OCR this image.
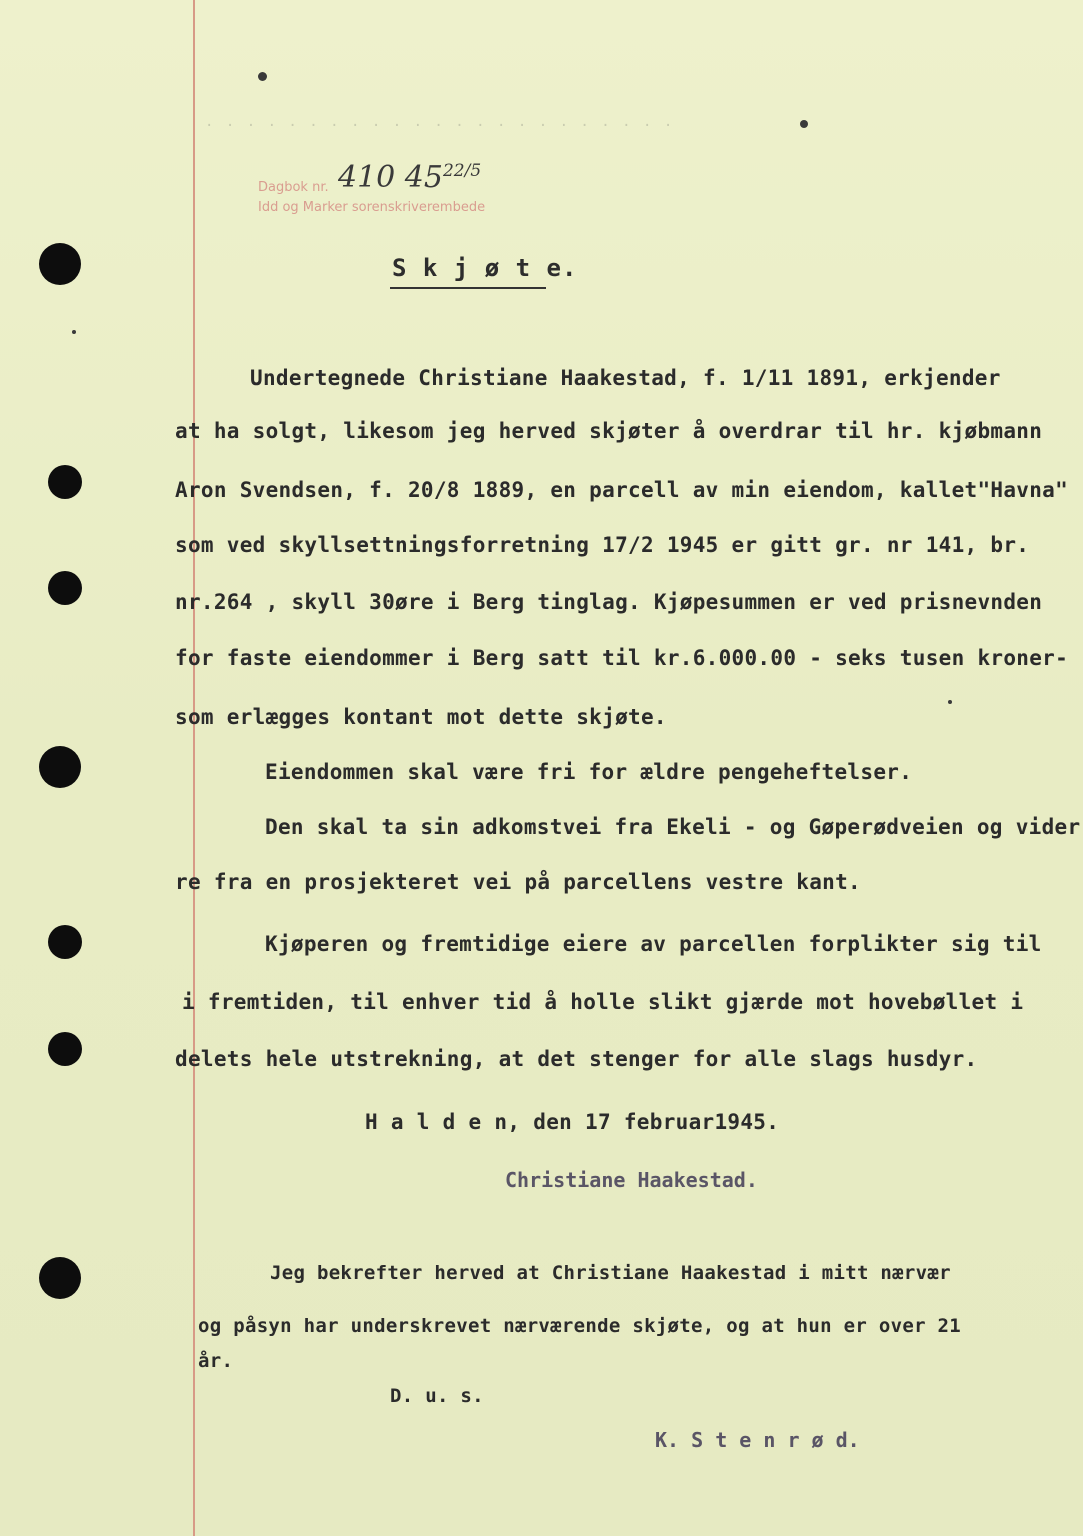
· · · · · · · · · · · · · · · · · · · · · · ·
Dagbok nr.
Idd og Marker sorenskriverembede
410 $45^{22/5}$
S k j ø t e.
Undertegnede Christiane Haakestad, f. 1/11 1891, erkjender
at ha solgt, likesom jeg herved skjøter å overdrar til hr. kjøbmann
Aron Svendsen, f. 20/8 1889, en parcell av min eiendom, kallet"Havna"
som ved skyllsettningsforretning 17/2 1945 er gitt gr. nr 141, br.
nr.264 , skyll 30øre i Berg tinglag. Kjøpesummen er ved prisnevnden
for faste eiendommer i Berg satt til kr.6.000.00 - seks tusen kroner-
som erlægges kontant mot dette skjøte.
Eiendommen skal være fri for ældre pengeheftelser.
Den skal ta sin adkomstvei fra Ekeli - og Gøperødveien og vider
re fra en prosjekteret vei på parcellens vestre kant.
Kjøperen og fremtidige eiere av parcellen forplikter sig til
i fremtiden, til enhver tid å holle slikt gjærde mot hovebøllet i
delets hele utstrekning, at det stenger for alle slags husdyr.
H a l d e n, den 17 februar1945.
Christiane Haakestad.
Jeg bekrefter herved at Christiane Haakestad i mitt nærvær
og påsyn har underskrevet nærværende skjøte, og at hun er over 21
år.
D. u. s.
K. S t e n r ø d.
